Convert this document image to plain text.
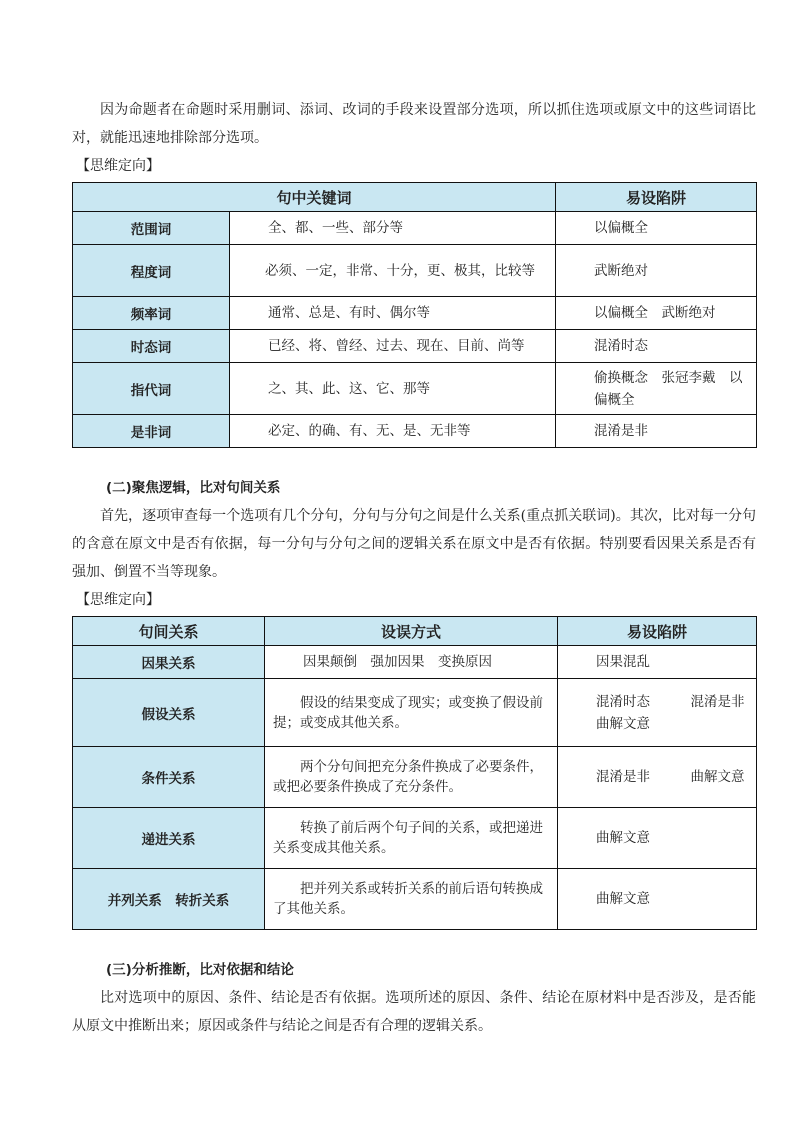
因为命题者在命题时采用删词、添词、改词的手段来设置部分选项，所以抓住选项或原文中的这些词语比对，就能迅速地排除部分选项。

【思维定向】
句中关键词		易设陷阱
范围词	全、都、一些、部分等	以偏概全
程度词	必须、一定，非常、十分，更、极其，比较等	武断绝对
频率词	通常、总是、有时、偶尔等	以偏概全　武断绝对
时态词	已经、将、曾经、过去、现在、目前、尚等	混淆时态
指代词	之、其、此、这、它、那等	偷换概念　张冠李戴　以偏概全
是非词	必定、的确、有、无、是、无非等	混淆是非
(二)聚焦逻辑，比对句间关系

首先，逐项审查每一个选项有几个分句，分句与分句之间是什么关系(重点抓关联词)。其次，比对每一分句的含意在原文中是否有依据，每一分句与分句之间的逻辑关系在原文中是否有依据。特别要看因果关系是否有强加、倒置不当等现象。

【思维定向】
句间关系	设误方式	易设陷阱
因果关系	因果颠倒　强加因果　变换原因	因果混乱
假设关系	假设的结果变成了现实；或变换了假设前提；或变成其他关系。	混淆时态　　　混淆是非　　曲解文意
条件关系	两个分句间把充分条件换成了必要条件，或把必要条件换成了充分条件。	混淆是非　　　曲解文意
递进关系	转换了前后两个句子间的关系，或把递进关系变成其他关系。	曲解文意
并列关系　转折关系	把并列关系或转折关系的前后语句转换成了其他关系。	曲解文意
(三)分析推断，比对依据和结论

比对选项中的原因、条件、结论是否有依据。选项所述的原因、条件、结论在原材料中是否涉及，是否能从原文中推断出来；原因或条件与结论之间是否有合理的逻辑关系。
